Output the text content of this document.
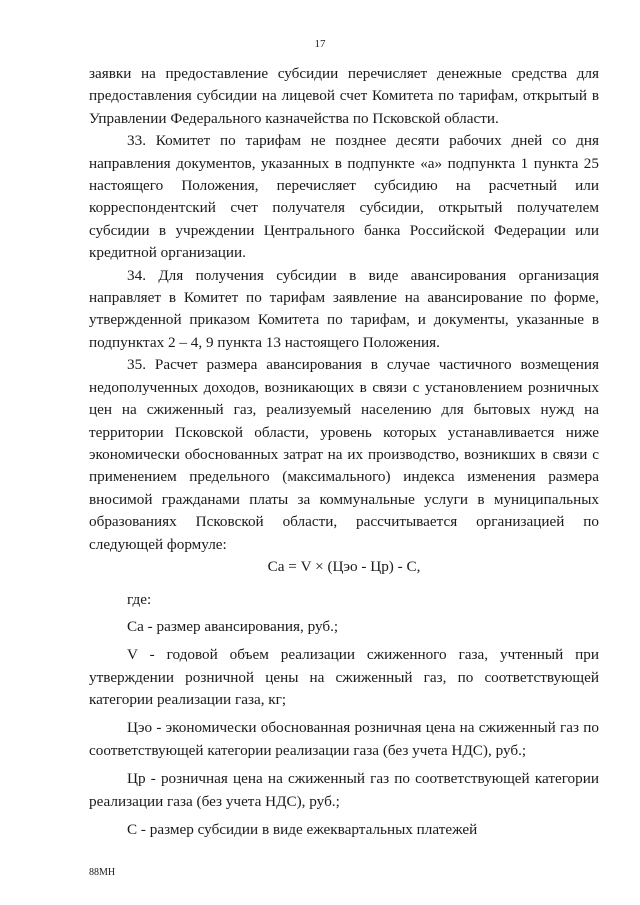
17

заявки на предоставление субсидии перечисляет денежные средства для предоставления субсидии на лицевой счет Комитета по тарифам, открытый в Управлении Федерального казначейства по Псковской области.

33. Комитет по тарифам не позднее десяти рабочих дней со дня направления документов, указанных в подпункте «а» подпункта 1 пункта 25 настоящего Положения, перечисляет субсидию на расчетный или корреспондентский счет получателя субсидии, открытый получателем субсидии в учреждении Центрального банка Российской Федерации или кредитной организации.

34. Для получения субсидии в виде авансирования организация направляет в Комитет по тарифам заявление на авансирование по форме, утвержденной приказом Комитета по тарифам, и документы, указанные в подпунктах 2 – 4, 9 пункта 13 настоящего Положения.

35. Расчет размера авансирования в случае частичного возмещения недополученных доходов, возникающих в связи с установлением розничных цен на сжиженный газ, реализуемый населению для бытовых нужд на территории Псковской области, уровень которых устанавливается ниже экономически обоснованных затрат на их производство, возникших в связи с применением предельного (максимального) индекса изменения размера вносимой гражданами платы за коммунальные услуги в муниципальных образованиях Псковской области, рассчитывается организацией по следующей формуле:

Са = V × (Цэо - Цр) - С,

где:

Са - размер авансирования, руб.;

V - годовой объем реализации сжиженного газа, учтенный при утверждении розничной цены на сжиженный газ, по соответствующей категории реализации газа, кг;

Цэо - экономически обоснованная розничная цена на сжиженный газ по соответствующей категории реализации газа (без учета НДС), руб.;

Цр - розничная цена на сжиженный газ по соответствующей категории реализации газа (без учета НДС), руб.;

С - размер субсидии в виде ежеквартальных платежей

88МН
